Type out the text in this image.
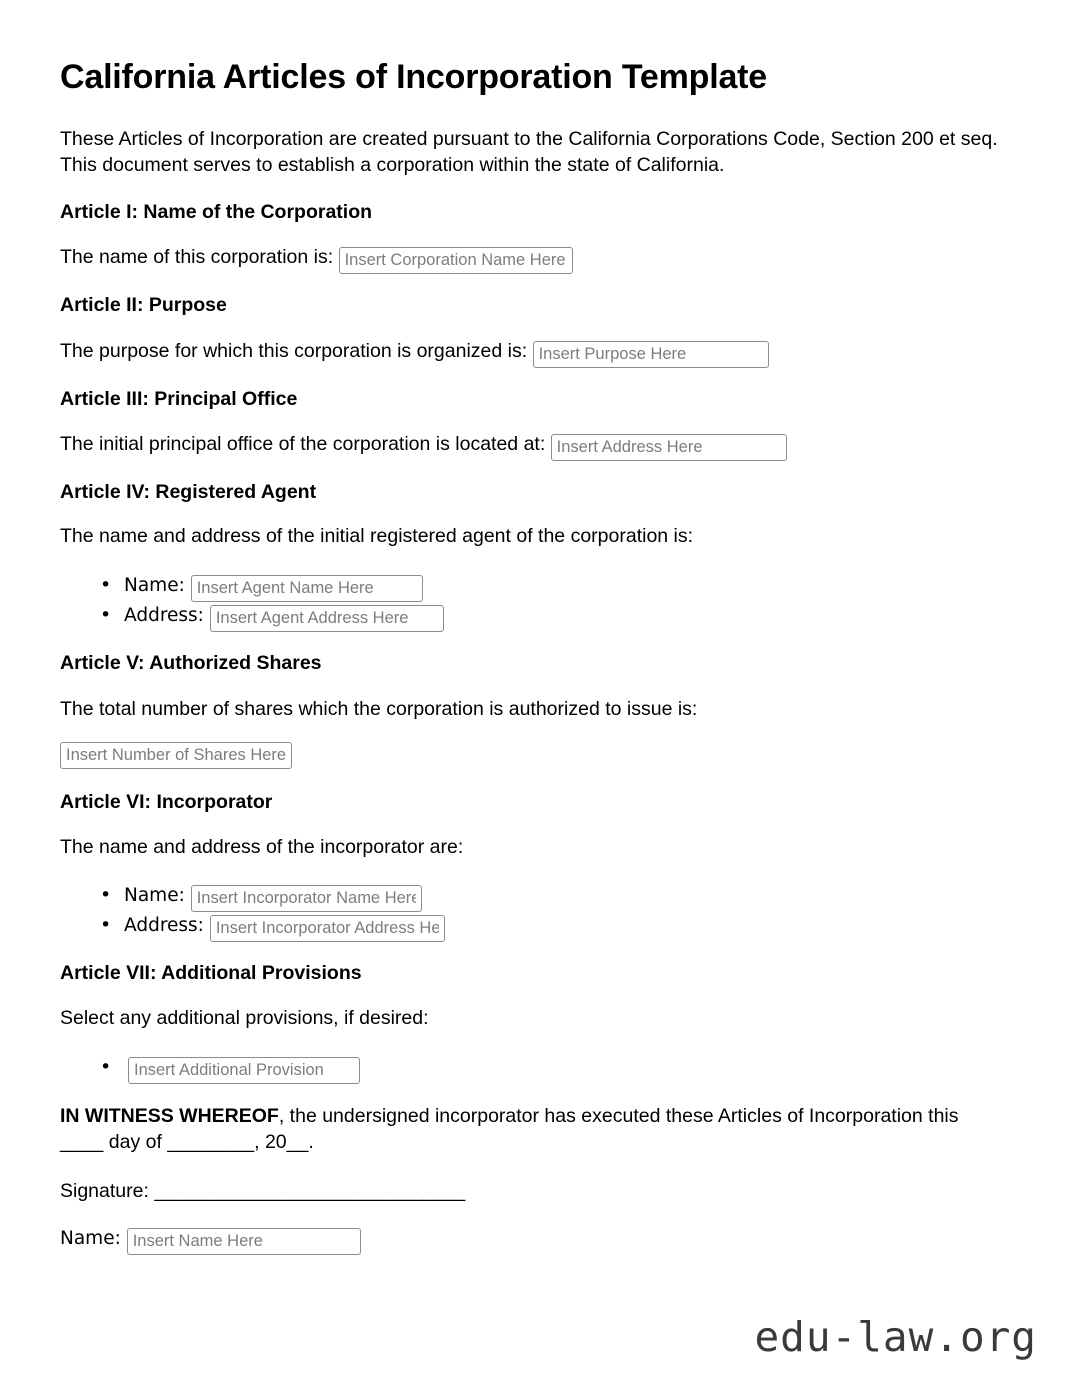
California Articles of Incorporation Template

These Articles of Incorporation are created pursuant to the California Corporations Code, Section 200 et seq. This document serves to establish a corporation within the state of California.

Article I: Name of the Corporation
The name of this corporation is: Insert Corporation Name Here
Article II: Purpose
The purpose for which this corporation is organized is: Insert Purpose Here
Article III: Principal Office
The initial principal office of the corporation is located at: Insert Address Here
Article IV: Registered Agent

The name and address of the initial registered agent of the corporation is:

• Name: Insert Agent Name Here
• Address: Insert Agent Address Here
Article V: Authorized Shares
The total number of shares which the corporation is authorized to issue is:
Insert Number of Shares Here
Article VI: Incorporator

The name and address of the incorporator are:

• Name: Insert Incorporator Name Here
• Address: Insert Incorporator Address Here
Article VII: Additional Provisions

Select any additional provisions, if desired:

• Insert Additional Provision

IN WITNESS WHEREOF, the undersigned incorporator has executed these Articles of Incorporation this ____ day of ________, 20__.

Signature: ______________________________
Name: Insert Name Here
edu-law.org
